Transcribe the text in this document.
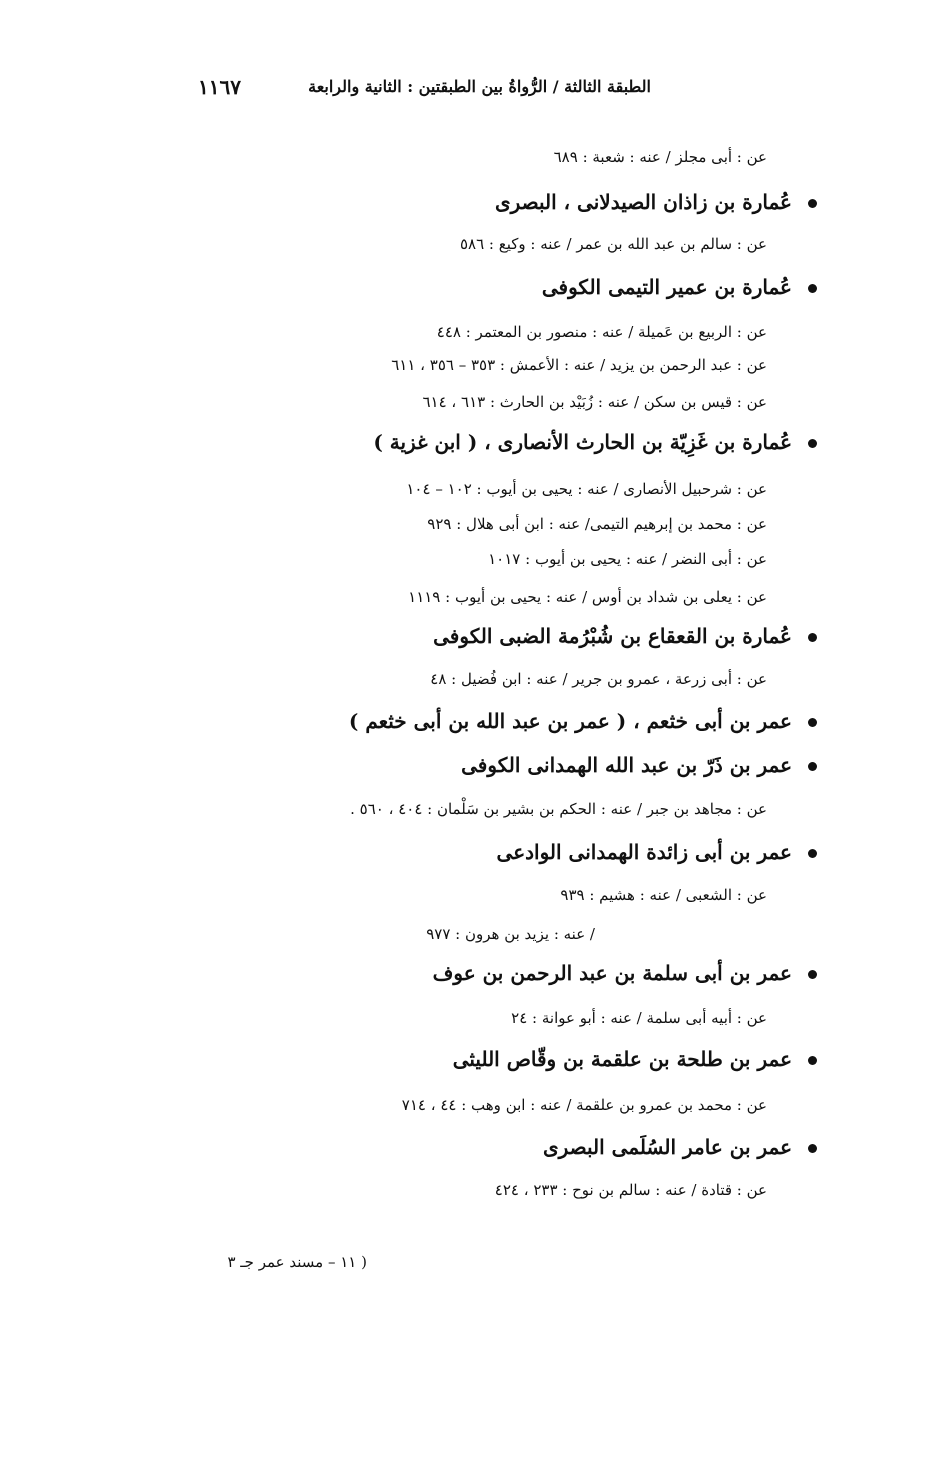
الطبقة الثالثة / الرُّواةُ بين الطبقتين : الثانية والرابعة
١١٦٧
عن : أبى مجلز / عنه : شعبة : ٦٨٩
عُمارة بن زاذان الصيدلانى ، البصرى
عن : سالم بن عبد الله بن عمر / عنه : وكيع : ٥٨٦
عُمارة بن عمير التيمى الكوفى
عن : الربيع بن عَميلة / عنه : منصور بن المعتمر : ٤٤٨
عن : عبد الرحمن بن يزيد / عنه : الأعمش : ٣٥٣ – ٣٥٦ ، ٦١١
عن : قيس بن سكن / عنه : زُبَيْد بن الحارث : ٦١٣ ، ٦١٤
عُمارة بن غَزِيّة بن الحارث الأنصارى ، ( ابن غزية )
عن : شرحبيل الأنصارى / عنه : يحيى بن أيوب : ١٠٢ – ١٠٤
عن : محمد بن إبرهيم التيمى/ عنه : ابن أبى هلال : ٩٢٩
عن : أبى النضر / عنه : يحيى بن أيوب : ١٠١٧
عن : يعلى بن شداد بن أوس / عنه : يحيى بن أيوب : ١١١٩
عُمارة بن القعقاع بن شُبْرُمة الضبى الكوفى
عن : أبى زرعة ، عمرو بن جرير / عنه : ابن فُضيل : ٤٨
عمر بن أبى خثعم ، ( عمر بن عبد الله بن أبى خثعم )
عمر بن ذَرّ بن عبد الله الهمدانى الكوفى
عن : مجاهد بن جبر / عنه : الحكم بن بشير بن سَلْمان : ٤٠٤ ، ٥٦٠ .
عمر بن أبى زائدة الهمدانى الوادعى
عن : الشعبى / عنه : هشيم : ٩٣٩
/ عنه : يزيد بن هرون : ٩٧٧
عمر بن أبى سلمة بن عبد الرحمن بن عوف
عن : أبيه أبى سلمة / عنه : أبو عوانة : ٢٤
عمر بن طلحة بن علقمة بن وقّاص الليثى
عن : محمد بن عمرو بن علقمة / عنه : ابن وهب : ٤٤ ، ٧١٤
عمر بن عامر السُلَمى البصرى
عن : قتادة / عنه : سالم بن نوح : ٢٣٣ ، ٤٢٤
( ١١ – مسند عمر جـ ٣
